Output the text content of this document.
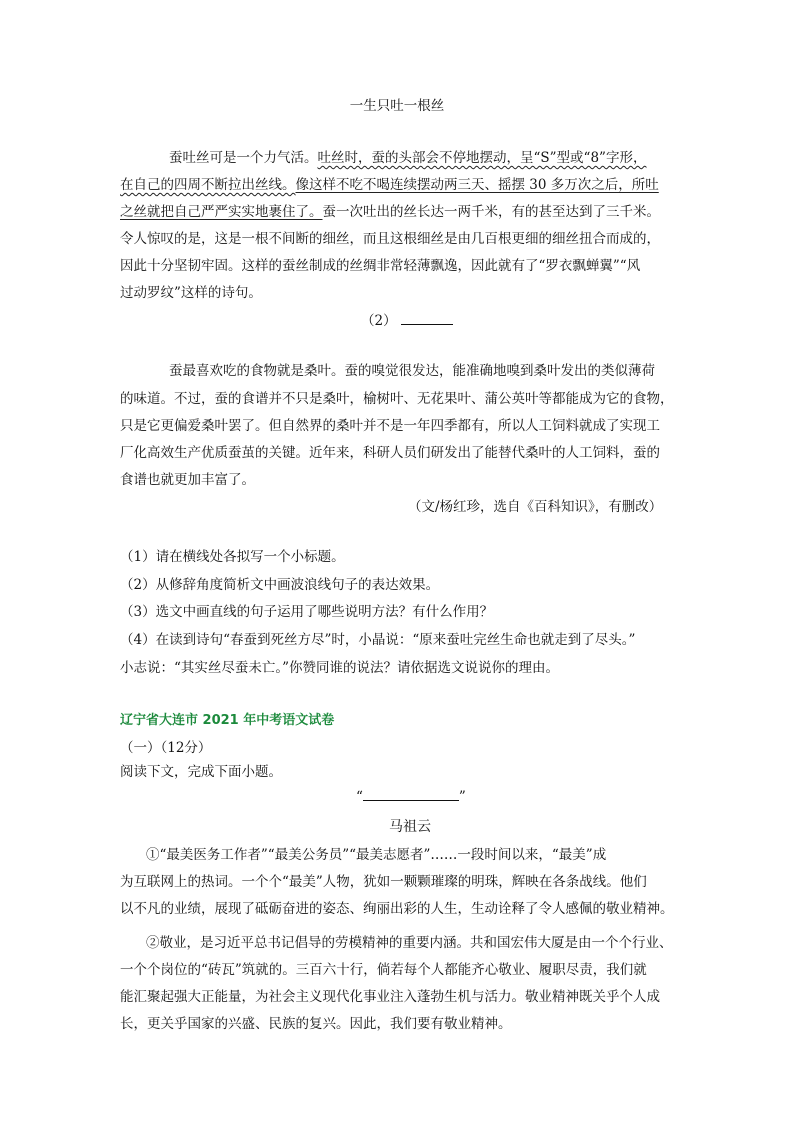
一生只吐一根丝
蚕吐丝可是一个力气活。吐丝时，蚕的头部会不停地摆动，呈“S”型或“8”字形，
在自己的四周不断拉出丝线。像这样不吃不喝连续摆动两三天、摇摆 30 多万次之后，所吐
之丝就把自己严严实实地裹住了。蚕一次吐出的丝长达一两千米，有的甚至达到了三千米。
令人惊叹的是，这是一根不间断的细丝，而且这根细丝是由几百根更细的细丝扭合而成的，
因此十分坚韧牢固。这样的蚕丝制成的丝绸非常轻薄飘逸，因此就有了“罗衣飘蝉翼”“风
过动罗纹”这样的诗句。
（2）
蚕最喜欢吃的食物就是桑叶。蚕的嗅觉很发达，能准确地嗅到桑叶发出的类似薄荷
的味道。不过，蚕的食谱并不只是桑叶，榆树叶、无花果叶、蒲公英叶等都能成为它的食物，
只是它更偏爱桑叶罢了。但自然界的桑叶并不是一年四季都有，所以人工饲料就成了实现工
厂化高效生产优质蚕茧的关键。近年来，科研人员们研发出了能替代桑叶的人工饲料，蚕的
食谱也就更加丰富了。
（文/杨红珍，选自《百科知识》，有删改）
（1）请在横线处各拟写一个小标题。
（2）从修辞角度简析文中画波浪线句子的表达效果。
（3）选文中画直线的句子运用了哪些说明方法？有什么作用？
（4）在读到诗句“春蚕到死丝方尽”时，小晶说：“原来蚕吐完丝生命也就走到了尽头。”
小志说：“其实丝尽蚕未亡。”你赞同谁的说法？请依据选文说说你的理由。
辽宁省大连市 2021 年中考语文试卷
（一）（12分）
阅读下文，完成下面小题。
“	”
马祖云
①“最美医务工作者”“最美公务员”“最美志愿者”……一段时间以来，“最美”成
为互联网上的热词。一个个“最美”人物，犹如一颗颗璀璨的明珠，辉映在各条战线。他们
以不凡的业绩，展现了砥砺奋进的姿态、绚丽出彩的人生，生动诠释了令人感佩的敬业精神。
②敬业，是习近平总书记倡导的劳模精神的重要内涵。共和国宏伟大厦是由一个个行业、
一个个岗位的“砖瓦”筑就的。三百六十行，倘若每个人都能齐心敬业、履职尽责，我们就
能汇聚起强大正能量，为社会主义现代化事业注入蓬勃生机与活力。敬业精神既关乎个人成
长，更关乎国家的兴盛、民族的复兴。因此，我们要有敬业精神。
